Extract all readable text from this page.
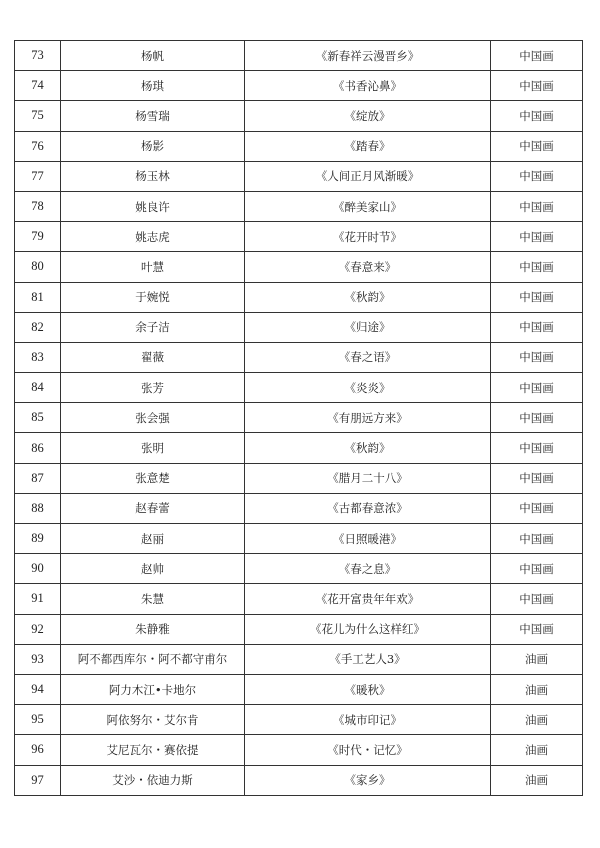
73	杨帆	《新春祥云漫晋乡》	中国画
74	杨琪	《书香沁鼻》	中国画
75	杨雪瑞	《绽放》	中国画
76	杨影	《踏春》	中国画
77	杨玉林	《人间正月风渐暖》	中国画
78	姚良许	《醉美家山》	中国画
79	姚志虎	《花开时节》	中国画
80	叶慧	《春意来》	中国画
81	于婉悦	《秋韵》	中国画
82	余子洁	《归途》	中国画
83	翟薇	《春之语》	中国画
84	张芳	《炎炎》	中国画
85	张会强	《有朋远方来》	中国画
86	张明	《秋韵》	中国画
87	张意楚	《腊月二十八》	中国画
88	赵春蕾	《古都春意浓》	中国画
89	赵丽	《日照暖港》	中国画
90	赵帅	《春之息》	中国画
91	朱慧	《花开富贵年年欢》	中国画
92	朱静雅	《花儿为什么这样红》	中国画
93	阿不都西库尔・阿不都守甫尔	《手工艺人3》	油画
94	阿力木江•卡地尔	《暖秋》	油画
95	阿依努尔・艾尔肯	《城市印记》	油画
96	艾尼瓦尔・赛依提	《时代・记忆》	油画
97	艾沙・依迪力斯	《家乡》	油画
